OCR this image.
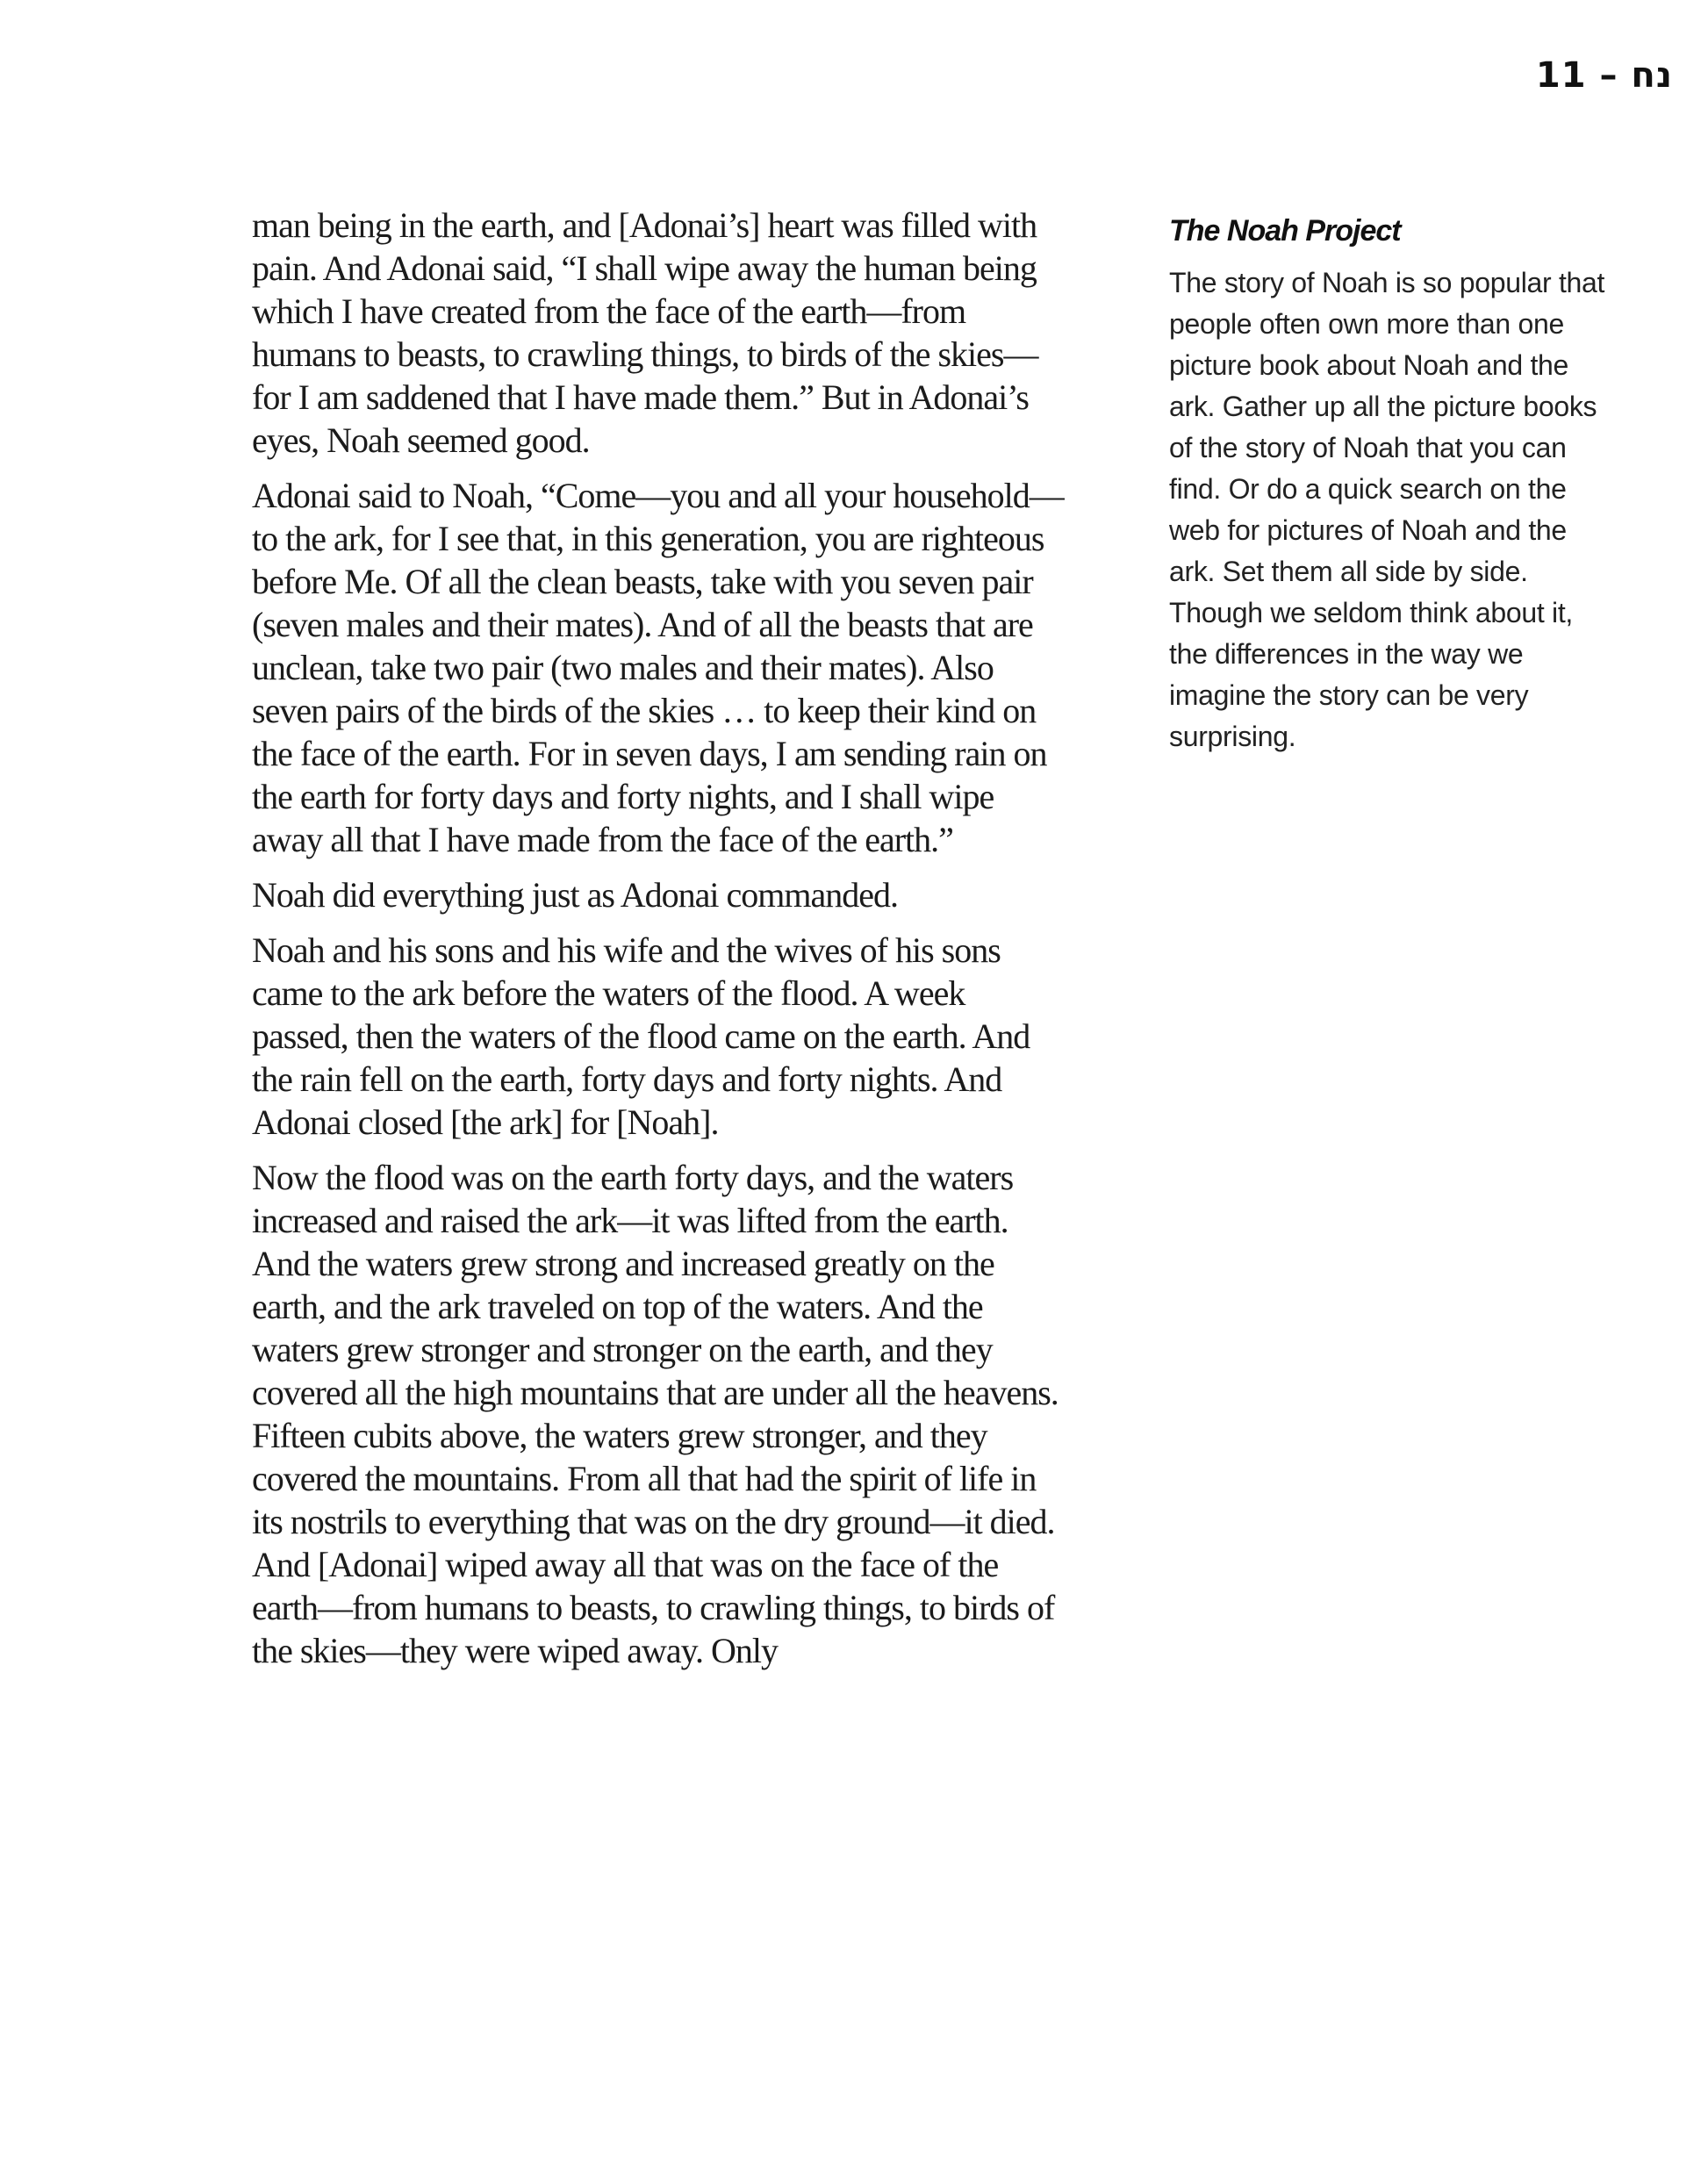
נח – 11

man being in the earth, and [Adonai’s] heart was filled with pain. And Adonai said, “I shall wipe away the human being which I have created from the face of the earth—from humans to beasts, to crawling things, to birds of the skies—for I am saddened that I have made them.” But in Adonai’s eyes, Noah seemed good.

Adonai said to Noah, “Come—you and all your household—to the ark, for I see that, in this generation, you are righteous before Me. Of all the clean beasts, take with you seven pair (seven males and their mates). And of all the beasts that are unclean, take two pair (two males and their mates). Also seven pairs of the birds of the skies … to keep their kind on the face of the earth. For in seven days, I am sending rain on the earth for forty days and forty nights, and I shall wipe away all that I have made from the face of the earth.”

Noah did everything just as Adonai commanded.

Noah and his sons and his wife and the wives of his sons came to the ark before the waters of the flood. A week passed, then the waters of the flood came on the earth. And the rain fell on the earth, forty days and forty nights. And Adonai closed [the ark] for [Noah].

Now the flood was on the earth forty days, and the waters increased and raised the ark—it was lifted from the earth. And the waters grew strong and increased greatly on the earth, and the ark traveled on top of the waters. And the waters grew stronger and stronger on the earth, and they covered all the high mountains that are under all the heavens. Fifteen cubits above, the waters grew stronger, and they covered the mountains. From all that had the spirit of life in its nostrils to everything that was on the dry ground—it died. And [Adonai] wiped away all that was on the face of the earth—from humans to beasts, to crawling things, to birds of the skies—they were wiped away. Only

The Noah Project

The story of Noah is so popular that people often own more than one picture book about Noah and the ark. Gather up all the picture books of the story of Noah that you can find. Or do a quick search on the web for pictures of Noah and the ark. Set them all side by side. Though we seldom think about it, the differences in the way we imagine the story can be very surprising.
